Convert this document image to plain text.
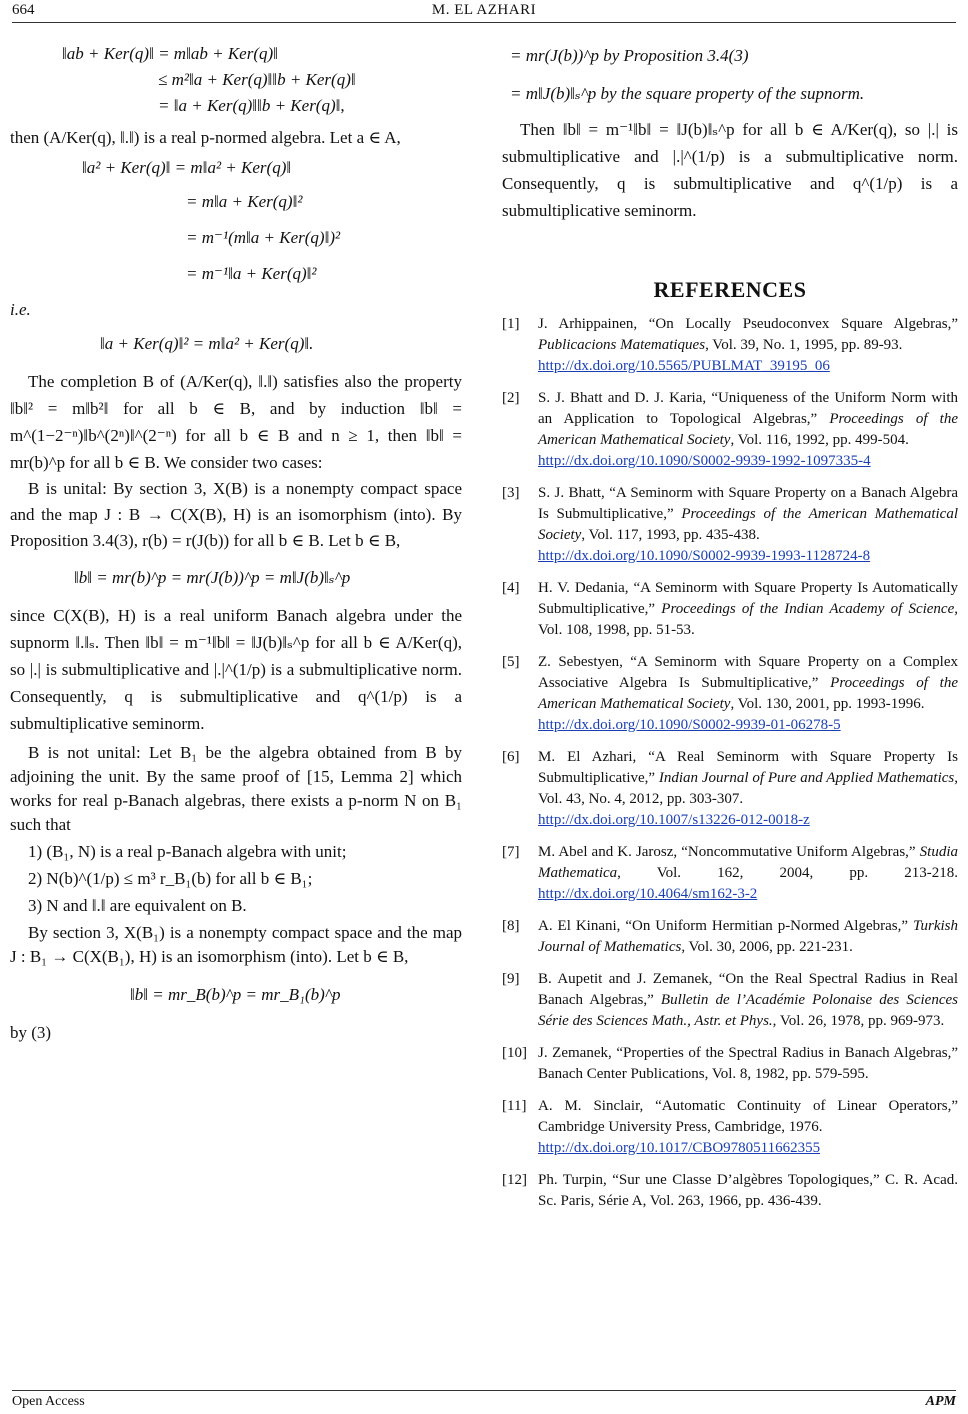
664	M. EL AZHARI
‖ab + Ker(q)‖ = m‖ab + Ker(q)‖
≤ m²‖a + Ker(q)‖‖b + Ker(q)‖
= ‖a + Ker(q)‖‖b + Ker(q)‖,

then (A/Ker(q), ‖.‖) is a real p-normed algebra. Let a ∈ A,

‖a² + Ker(q)‖ = m‖a² + Ker(q)‖
= m‖a + Ker(q)‖²
= m⁻¹(m‖a + Ker(q)‖)²
= m⁻¹‖a + Ker(q)‖²

i.e.

‖a + Ker(q)‖² = m‖a² + Ker(q)‖.

The completion B of (A/Ker(q), ‖.‖) satisfies also the property ‖b‖² = m‖b²‖ for all b ∈ B, and by induction ‖b‖ = m^(1−2⁻ⁿ)‖b^(2ⁿ)‖^(2⁻ⁿ) for all b ∈ B and n ≥ 1, then ‖b‖ = mr(b)^p for all b ∈ B. We consider two cases:

B is unital: By section 3, X(B) is a nonempty compact space and the map J : B → C(X(B), H) is an isomorphism (into). By Proposition 3.4(3), r(b) = r(J(b)) for all b ∈ B. Let b ∈ B,

‖b‖ = mr(b)^p = mr(J(b))^p = m‖J(b)‖ₛ^p

since C(X(B), H) is a real uniform Banach algebra under the supnorm ‖.‖ₛ. Then ‖b‖ = m⁻¹‖b‖ = ‖J(b)‖ₛ^p for all b ∈ A/Ker(q), so |.| is submultiplicative and |.|^(1/p) is a submultiplicative norm. Consequently, q is submultiplicative and q^(1/p) is a submultiplicative seminorm.

B is not unital: Let B₁ be the algebra obtained from B by adjoining the unit. By the same proof of [15, Lemma 2] which works for real p-Banach algebras, there exists a p-norm N on B₁ such that

1) (B₁, N) is a real p-Banach algebra with unit;
2) N(b)^(1/p) ≤ m³ r_B₁(b) for all b ∈ B₁;
3) N and ‖.‖ are equivalent on B.

By section 3, X(B₁) is a nonempty compact space and the map J : B₁ → C(X(B₁), H) is an isomorphism (into). Let b ∈ B,

‖b‖ = mr_B(b)^p = mr_B₁(b)^p

by (3)

= mr(J(b))^p by Proposition 3.4(3)
= m‖J(b)‖ₛ^p by the square property of the supnorm.

Then ‖b‖ = m⁻¹‖b‖ = ‖J(b)‖ₛ^p for all b ∈ A/Ker(q), so |.| is submultiplicative and |.|^(1/p) is a submultiplicative norm. Consequently, q is submultiplicative and q^(1/p) is a submultiplicative seminorm.

REFERENCES
[1]	J. Arhippainen, “On Locally Pseudoconvex Square Algebras,” Publicacions Matematiques, Vol. 39, No. 1, 1995, pp. 89-93.
http://dx.doi.org/10.5565/PUBLMAT_39195_06
[2]	S. J. Bhatt and D. J. Karia, “Uniqueness of the Uniform Norm with an Application to Topological Algebras,” Proceedings of the American Mathematical Society, Vol. 116, 1992, pp. 499-504.
http://dx.doi.org/10.1090/S0002-9939-1992-1097335-4
[3]	S. J. Bhatt, “A Seminorm with Square Property on a Banach Algebra Is Submultiplicative,” Proceedings of the American Mathematical Society, Vol. 117, 1993, pp. 435-438.
http://dx.doi.org/10.1090/S0002-9939-1993-1128724-8
[4]	H. V. Dedania, “A Seminorm with Square Property Is Automatically Submultiplicative,” Proceedings of the Indian Academy of Science, Vol. 108, 1998, pp. 51-53.
[5]	Z. Sebestyen, “A Seminorm with Square Property on a Complex Associative Algebra Is Submultiplicative,” Proceedings of the American Mathematical Society, Vol. 130, 2001, pp. 1993-1996.
http://dx.doi.org/10.1090/S0002-9939-01-06278-5
[6]	M. El Azhari, “A Real Seminorm with Square Property Is Submultiplicative,” Indian Journal of Pure and Applied Mathematics, Vol. 43, No. 4, 2012, pp. 303-307.
http://dx.doi.org/10.1007/s13226-012-0018-z
[7]	M. Abel and K. Jarosz, “Noncommutative Uniform Algebras,” Studia Mathematica, Vol. 162, 2004, pp. 213-218. http://dx.doi.org/10.4064/sm162-3-2
[8]	A. El Kinani, “On Uniform Hermitian p-Normed Algebras,” Turkish Journal of Mathematics, Vol. 30, 2006, pp. 221-231.
[9]	B. Aupetit and J. Zemanek, “On the Real Spectral Radius in Real Banach Algebras,” Bulletin de l’Académie Polonaise des Sciences Série des Sciences Math., Astr. et Phys., Vol. 26, 1978, pp. 969-973.
[10] J. Zemanek, “Properties of the Spectral Radius in Banach Algebras,” Banach Center Publications, Vol. 8, 1982, pp. 579-595.
[11] A. M. Sinclair, “Automatic Continuity of Linear Operators,” Cambridge University Press, Cambridge, 1976.
http://dx.doi.org/10.1017/CBO9780511662355
[12] Ph. Turpin, “Sur une Classe D’algèbres Topologiques,” C. R. Acad. Sc. Paris, Série A, Vol. 263, 1966, pp. 436-439.
Open Access	APM
